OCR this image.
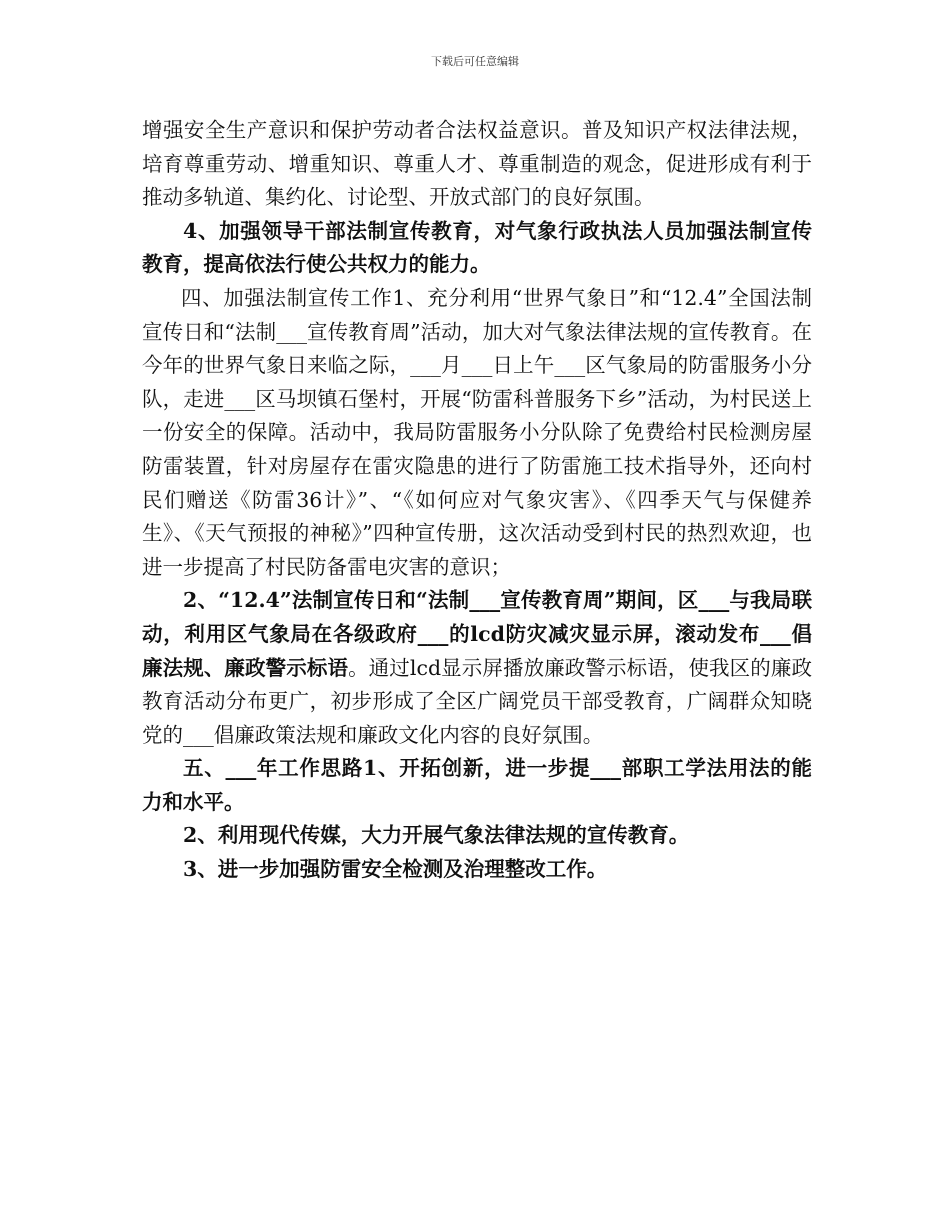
下载后可任意编辑

增强安全生产意识和保护劳动者合法权益意识。普及知识产权法律法规，培育尊重劳动、增重知识、尊重人才、尊重制造的观念，促进形成有利于推动多轨道、集约化、讨论型、开放式部门的良好氛围。

4、加强领导干部法制宣传教育，对气象行政执法人员加强法制宣传教育，提高依法行使公共权力的能力。

四、加强法制宣传工作1、充分利用“世界气象日”和“12.4”全国法制宣传日和“法制___宣传教育周”活动，加大对气象法律法规的宣传教育。在今年的世界气象日来临之际，___月___日上午___区气象局的防雷服务小分队，走进___区马坝镇石堡村，开展“防雷科普服务下乡”活动，为村民送上一份安全的保障。活动中，我局防雷服务小分队除了免费给村民检测房屋防雷装置，针对房屋存在雷灾隐患的进行了防雷施工技术指导外，还向村民们赠送《防雷36计》”、“《如何应对气象灾害》、《四季天气与保健养生》、《天气预报的神秘》”四种宣传册，这次活动受到村民的热烈欢迎，也进一步提高了村民防备雷电灾害的意识；

2、“12.4”法制宣传日和“法制___宣传教育周”期间，区___与我局联动，利用区气象局在各级政府___的lcd防灾减灾显示屏，滚动发布___倡廉法规、廉政警示标语。通过lcd显示屏播放廉政警示标语，使我区的廉政教育活动分布更广，初步形成了全区广阔党员干部受教育，广阔群众知晓党的___倡廉政策法规和廉政文化内容的良好氛围。

五、___年工作思路1、开拓创新，进一步提___部职工学法用法的能力和水平。

2、利用现代传媒，大力开展气象法律法规的宣传教育。

3、进一步加强防雷安全检测及治理整改工作。
